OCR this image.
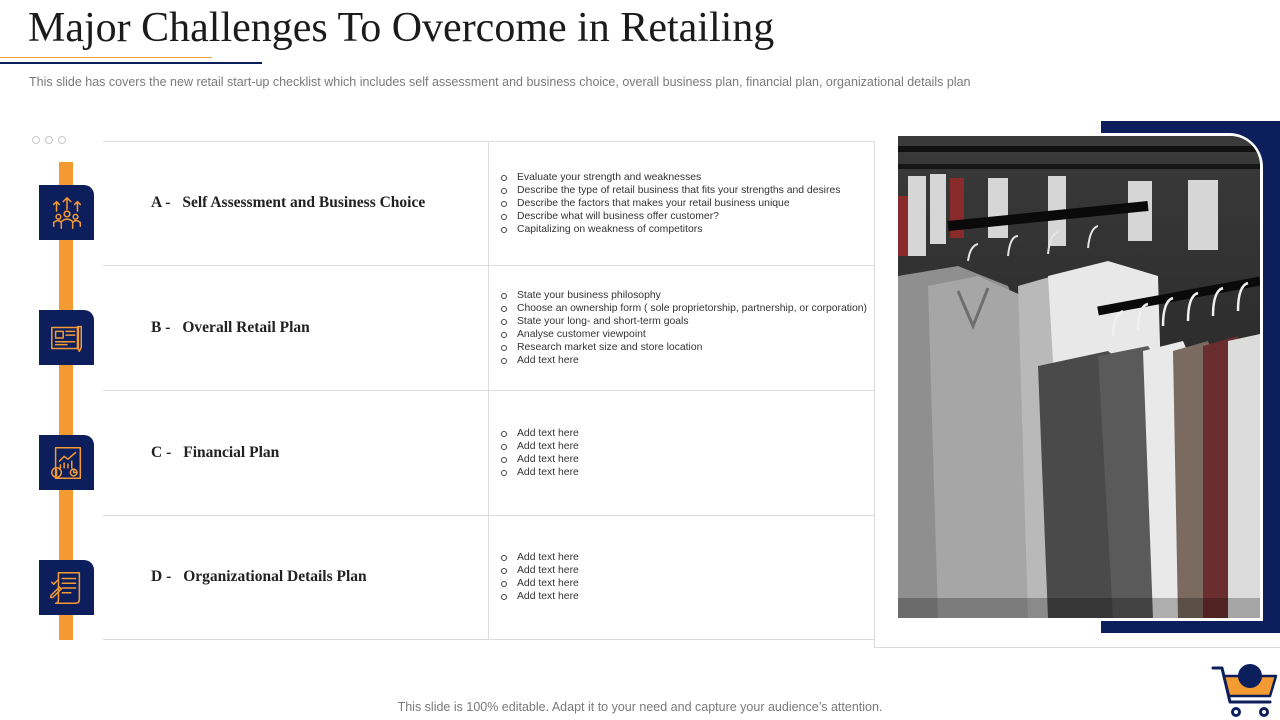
Major Challenges To Overcome in Retailing
This slide has covers the new retail start-up checklist which includes self assessment and business choice, overall business plan, financial plan, organizational details plan
A - Self Assessment and Business Choice
Evaluate your strength and weaknesses
Describe the type of retail business that fits your strengths and desires
Describe the factors that makes your retail business unique
Describe what will business offer customer?
Capitalizing on weakness of competitors
B - Overall Retail Plan
State your business philosophy
Choose an ownership form ( sole proprietorship, partnership, or corporation)
State your long- and short-term goals
Analyse customer viewpoint
Research market size and store location
Add text here
C - Financial Plan
Add text here
Add text here
Add text here
Add text here
D - Organizational Details Plan
Add text here
Add text here
Add text here
Add text here
This slide is 100% editable. Adapt it to your need and capture your audience’s attention.
